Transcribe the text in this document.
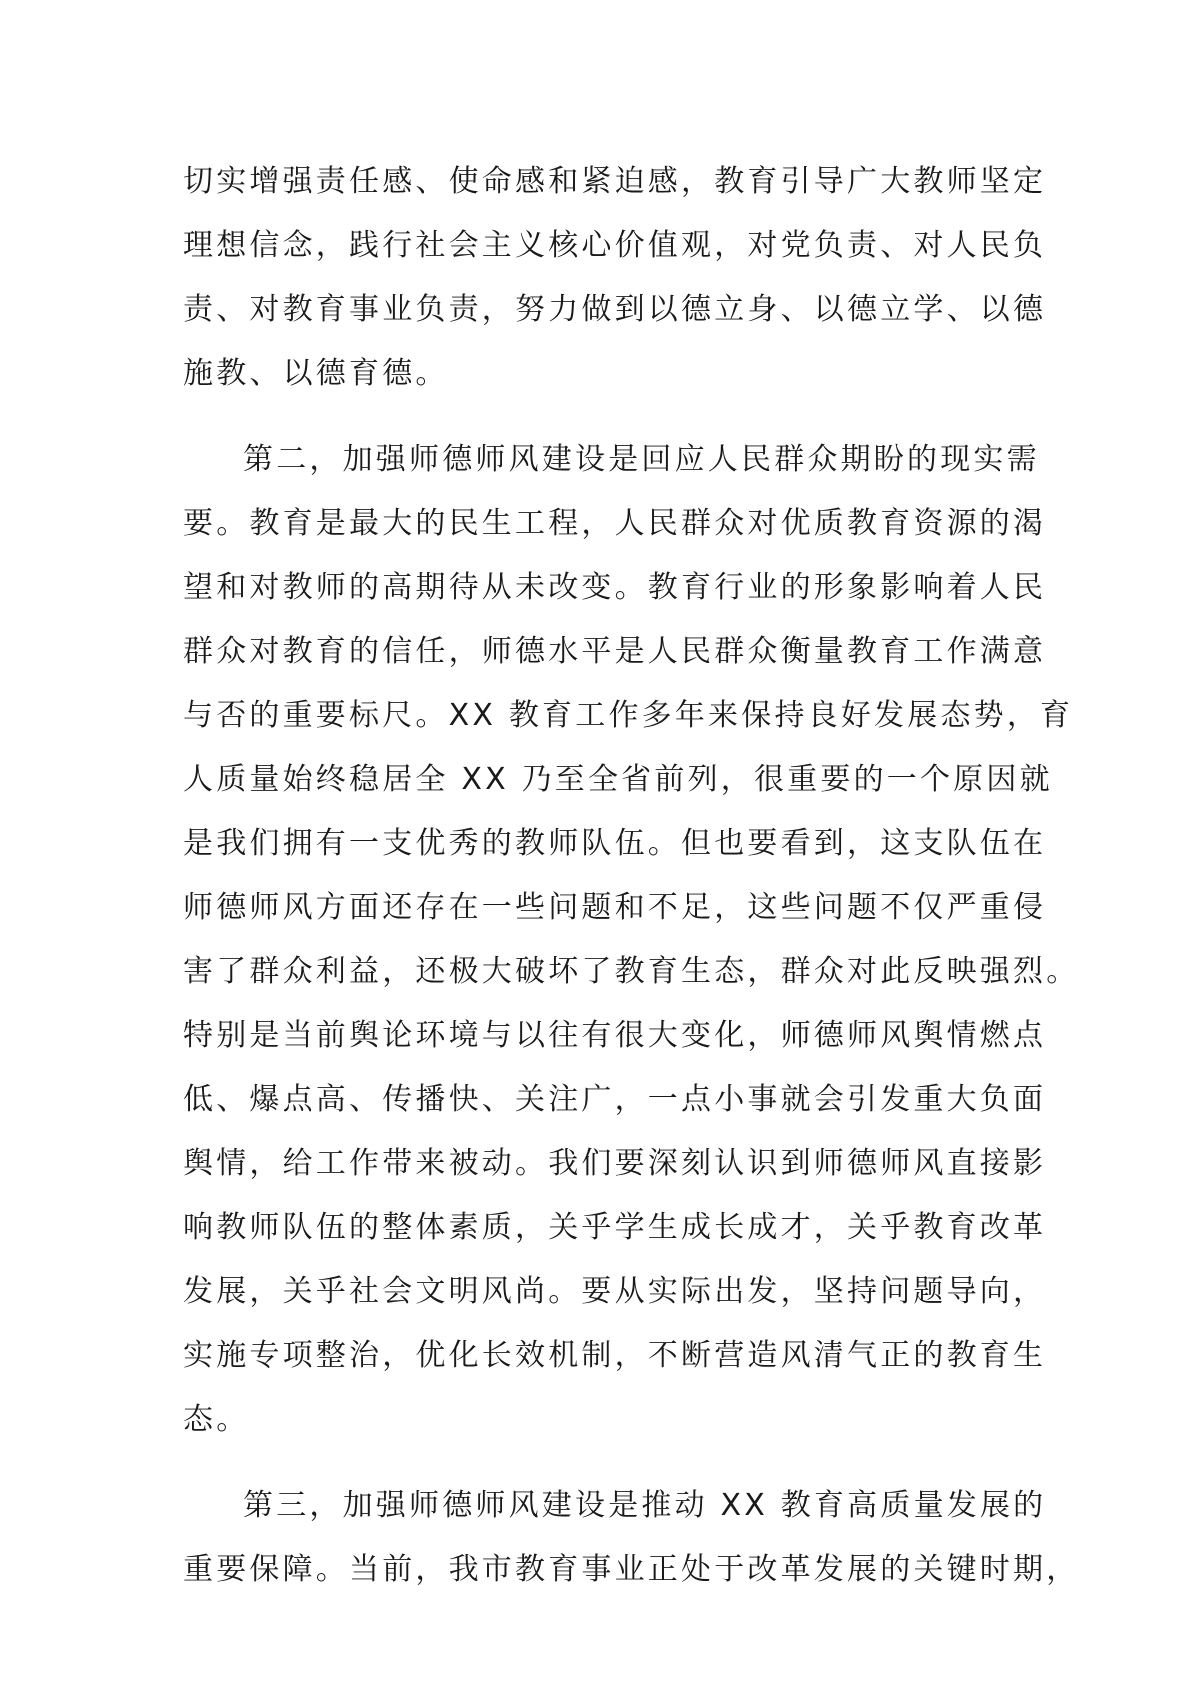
切实增强责任感、使命感和紧迫感，教育引导广大教师坚定
理想信念，践行社会主义核心价值观，对党负责、对人民负
责、对教育事业负责，努力做到以德立身、以德立学、以德
施教、以德育德。

第二，加强师德师风建设是回应人民群众期盼的现实需
要。教育是最大的民生工程，人民群众对优质教育资源的渴
望和对教师的高期待从未改变。教育行业的形象影响着人民
群众对教育的信任，师德水平是人民群众衡量教育工作满意
与否的重要标尺。XX 教育工作多年来保持良好发展态势，育
人质量始终稳居全 XX 乃至全省前列，很重要的一个原因就
是我们拥有一支优秀的教师队伍。但也要看到，这支队伍在
师德师风方面还存在一些问题和不足，这些问题不仅严重侵
害了群众利益，还极大破坏了教育生态，群众对此反映强烈。
特别是当前舆论环境与以往有很大变化，师德师风舆情燃点
低、爆点高、传播快、关注广，一点小事就会引发重大负面
舆情，给工作带来被动。我们要深刻认识到师德师风直接影
响教师队伍的整体素质，关乎学生成长成才，关乎教育改革
发展，关乎社会文明风尚。要从实际出发，坚持问题导向，
实施专项整治，优化长效机制，不断营造风清气正的教育生
态。

第三，加强师德师风建设是推动 XX 教育高质量发展的
重要保障。当前，我市教育事业正处于改革发展的关键时期，
